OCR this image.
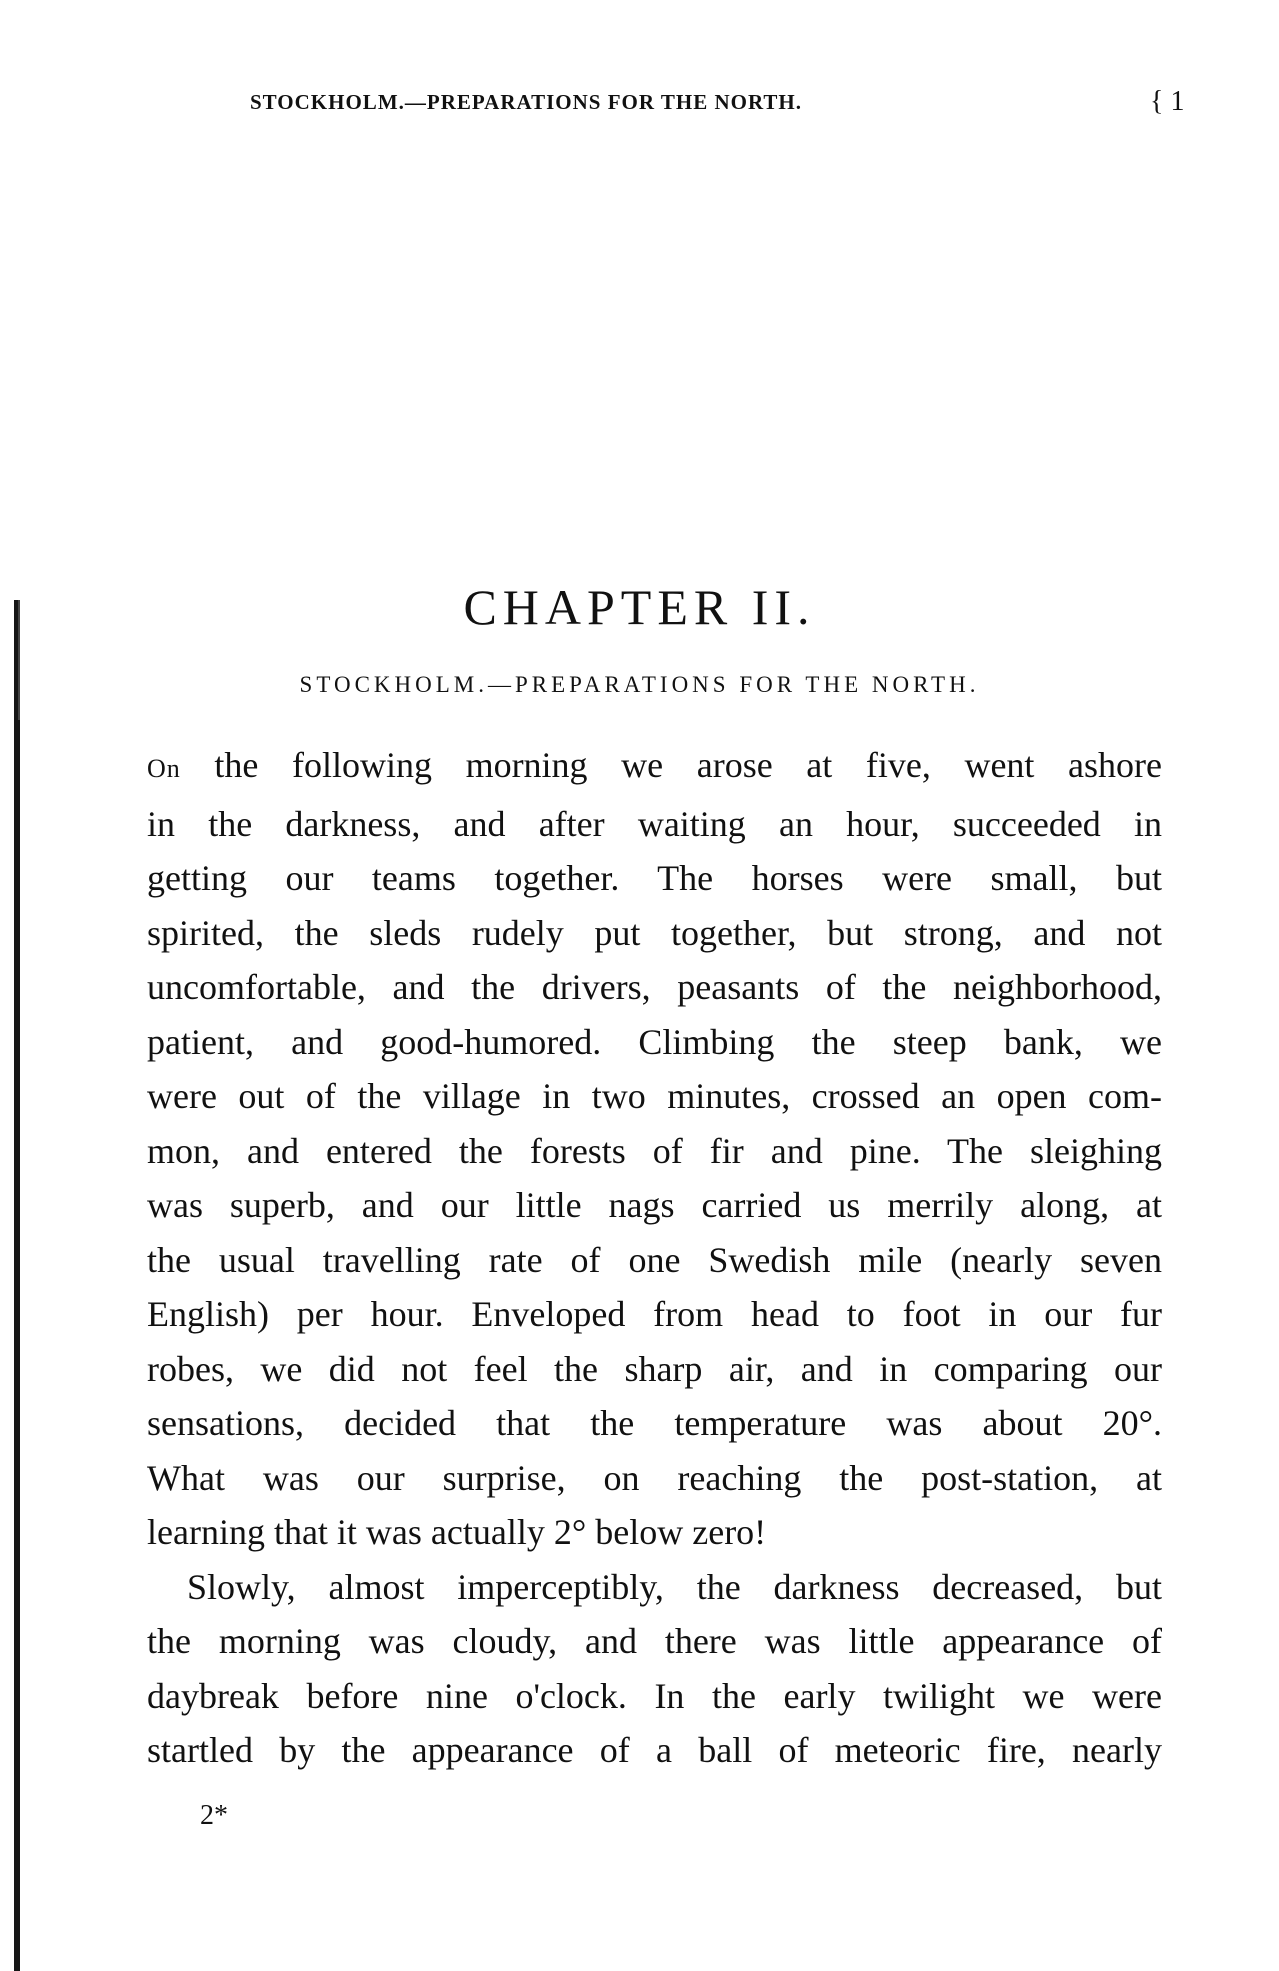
STOCKHOLM.—PREPARATIONS FOR THE NORTH.	{ 1
CHAPTER II.
STOCKHOLM.—PREPARATIONS FOR THE NORTH.

On the following morning we arose at five, went ashore
in the darkness, and after waiting an hour, succeeded in
getting our teams together. The horses were small, but
spirited, the sleds rudely put together, but strong, and not
uncomfortable, and the drivers, peasants of the neighborhood,
patient, and good-humored. Climbing the steep bank, we
were out of the village in two minutes, crossed an open com-
mon, and entered the forests of fir and pine. The sleighing
was superb, and our little nags carried us merrily along, at
the usual travelling rate of one Swedish mile (nearly seven
English) per hour. Enveloped from head to foot in our fur
robes, we did not feel the sharp air, and in comparing our
sensations, decided that the temperature was about 20°.
What was our surprise, on reaching the post-station, at
learning that it was actually 2° below zero!

Slowly, almost imperceptibly, the darkness decreased, but
the morning was cloudy, and there was little appearance of
daybreak before nine o'clock. In the early twilight we were
startled by the appearance of a ball of meteoric fire, nearly

2*
